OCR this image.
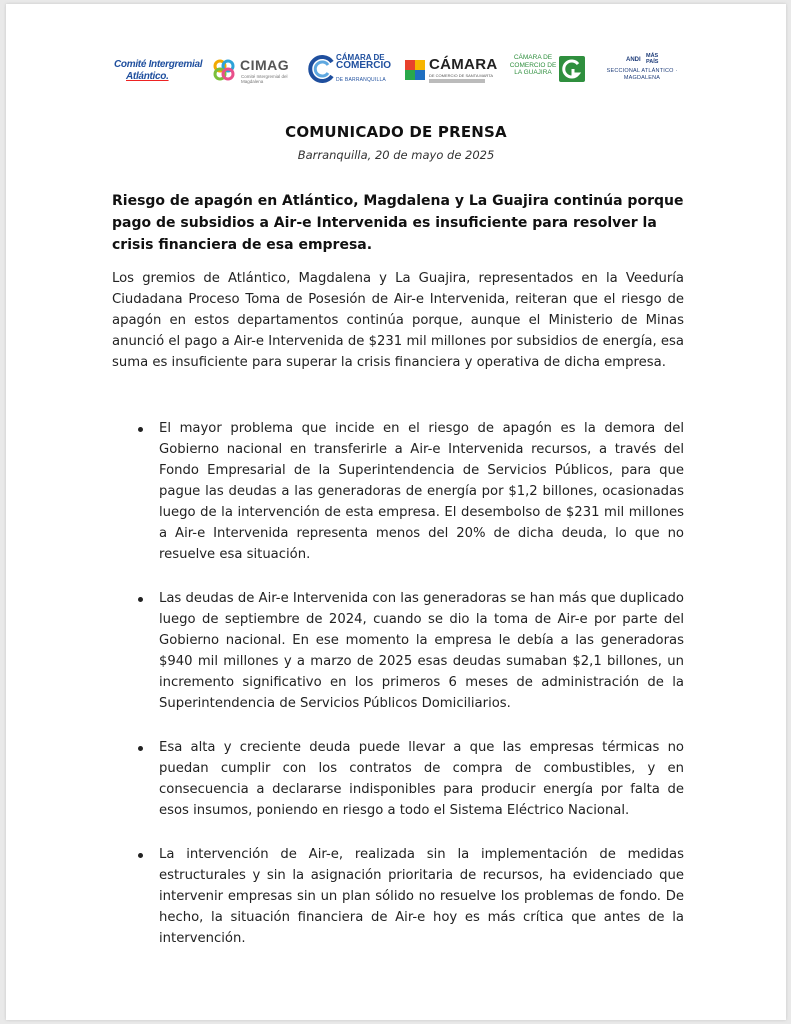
Comité Intergremial
Atlántico.
CIMAG
Comité Intergremial del Magdalena
CÁMARA DE
COMERCIO
DE BARRANQUILLA
CÁMARA
DE COMERCIO DE SANTA MARTA
CÁMARA DE COMERCIO DE LA GUAJIRA
ANDI
MÁS PAÍS
SECCIONAL ATLÁNTICO · MAGDALENA
COMUNICADO DE PRENSA
Barranquilla, 20 de mayo de 2025
Riesgo de apagón en Atlántico, Magdalena y La Guajira continúa porque pago de subsidios a Air-e Intervenida es insuficiente para resolver la crisis financiera de esa empresa.
Los gremios de Atlántico, Magdalena y La Guajira, representados en la Veeduría Ciudadana Proceso Toma de Posesión de Air-e Intervenida, reiteran que el riesgo de apagón en estos departamentos continúa porque, aunque el Ministerio de Minas anunció el pago a Air-e Intervenida de $231 mil millones por subsidios de energía, esa suma es insuficiente para superar la crisis financiera y operativa de dicha empresa.
El mayor problema que incide en el riesgo de apagón es la demora del Gobierno nacional en transferirle a Air-e Intervenida recursos, a través del Fondo Empresarial de la Superintendencia de Servicios Públicos, para que pague las deudas a las generadoras de energía por $1,2 billones, ocasionadas luego de la intervención de esta empresa. El desembolso de $231 mil millones a Air-e Intervenida representa menos del 20% de dicha deuda, lo que no resuelve esa situación.
Las deudas de Air-e Intervenida con las generadoras se han más que duplicado luego de septiembre de 2024, cuando se dio la toma de Air-e por parte del Gobierno nacional. En ese momento la empresa le debía a las generadoras $940 mil millones y a marzo de 2025 esas deudas sumaban $2,1 billones, un incremento significativo en los primeros 6 meses de administración de la Superintendencia de Servicios Públicos Domiciliarios.
Esa alta y creciente deuda puede llevar a que las empresas térmicas no puedan cumplir con los contratos de compra de combustibles, y en consecuencia a declararse indisponibles para producir energía por falta de esos insumos, poniendo en riesgo a todo el Sistema Eléctrico Nacional.
La intervención de Air-e, realizada sin la implementación de medidas estructurales y sin la asignación prioritaria de recursos, ha evidenciado que intervenir empresas sin un plan sólido no resuelve los problemas de fondo. De hecho, la situación financiera de Air-e hoy es más crítica que antes de la intervención.
